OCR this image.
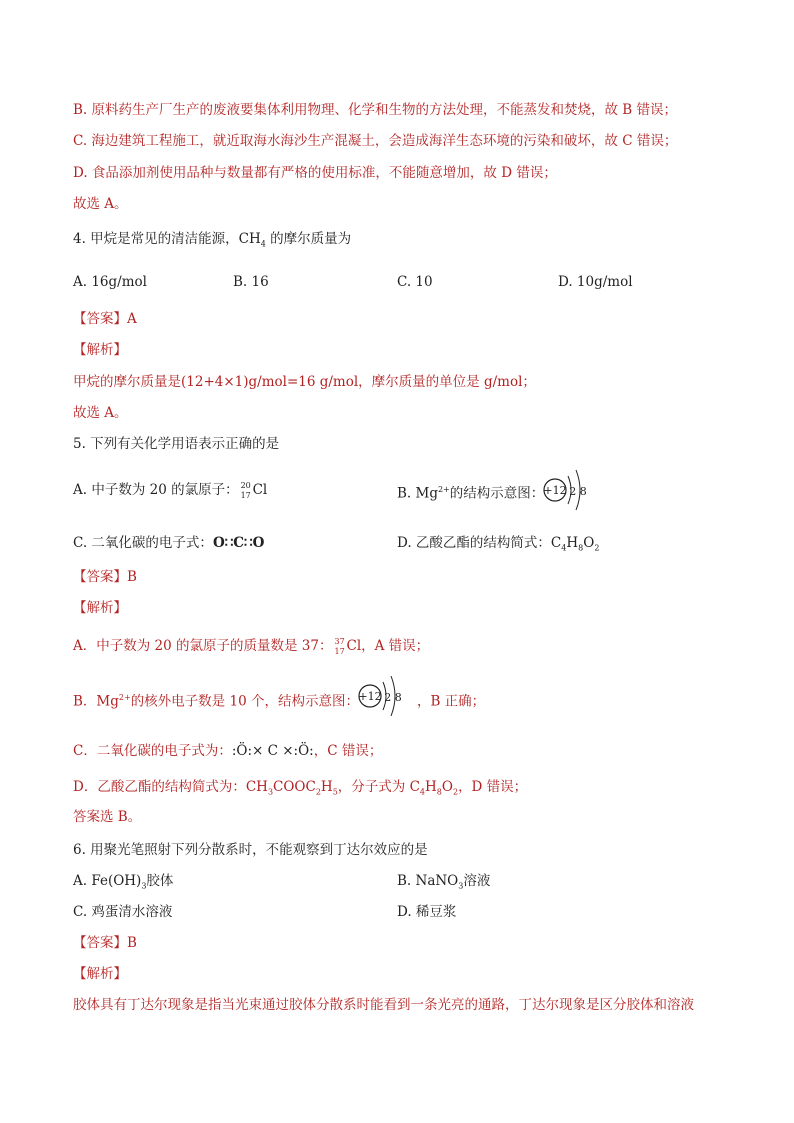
B. 原料药生产厂生产的废液要集体利用物理、化学和生物的方法处理，不能蒸发和焚烧，故 B 错误；
C. 海边建筑工程施工，就近取海水海沙生产混凝土，会造成海洋生态环境的污染和破坏，故 C 错误；
D. 食品添加剂使用品种与数量都有严格的使用标准，不能随意增加，故 D 错误；
故选 A。
4. 甲烷是常见的清洁能源，$CH_4$ 的摩尔质量为
A. 16g/mol	B. 16	C. 10	D. 10g/mol
【答案】A
【解析】
甲烷的摩尔质量是(12+4×1)g/mol=16 g/mol，摩尔质量的单位是 g/mol；
故选 A。
5. 下列有关化学用语表示正确的是
A. 中子数为 20 的氯原子： 20
17 Cl	B. $Mg^{2+}$的结构示意图： +12 2 8
C. 二氧化碳的电子式：O∷C∷O	D. 乙酸乙酯的结构简式：$C_4H_8O_2$
【答案】B
【解析】
A．中子数为 20 的氯原子的质量数是 37： 37
17 Cl，A 错误；
B．$Mg^{2+}$的核外电子数是 10 个，结构示意图：	，B 正确；
+12 2 8
C．二氧化碳的电子式为：:Ö:× C ×:Ö:，C 错误；
D．乙酸乙酯的结构简式为：$CH_3COOC_2H_5$，分子式为 $C_4H_8O_2$，D 错误；
答案选 B。
6. 用聚光笔照射下列分散系时，不能观察到丁达尔效应的是
A. $Fe(OH)_3$胶体	B. NaNO$_3$溶液
C. 鸡蛋清水溶液	D. 稀豆浆
【答案】B
【解析】
胶体具有丁达尔现象是指当光束通过胶体分散系时能看到一条光亮的通路，丁达尔现象是区分胶体和溶液
